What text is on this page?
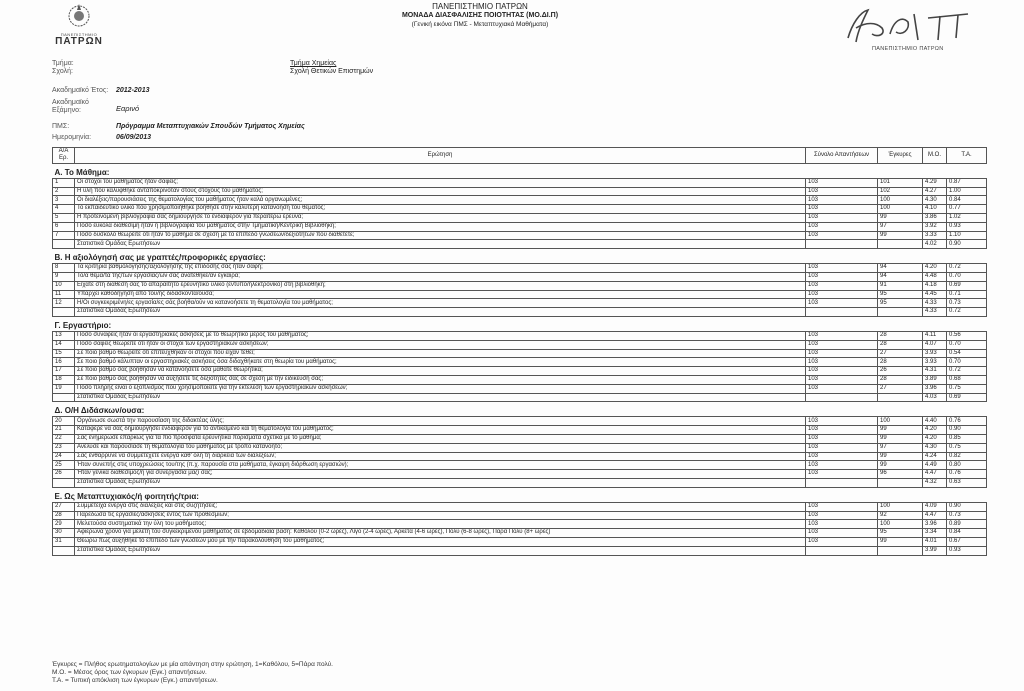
ΠΑΝΕΠΙΣΤΗΜΙΟ
ΠΑΤΡΩΝ
ΠΑΝΕΠΙΣΤΗΜΙΟ ΠΑΤΡΩΝ
ΜΟΝΑΔΑ ΔΙΑΣΦΑΛΙΣΗΣ ΠΟΙΟΤΗΤΑΣ (ΜΟ.ΔΙ.Π)
(Γενική εικόνα ΠΜΣ - Μεταπτυχιακά Μαθήματα)
ΠΑΝΕΠΙΣΤΗΜΙΟ ΠΑΤΡΩΝ
Τμήμα:	Τμήμα Χημείας
Σχολή:	Σχολή Θετικών Επιστημών
Ακαδημαϊκό Έτος: 2012-2013
Ακαδημαϊκό Εξάμηνο:	Εαρινό
ΠΜΣ:	Πρόγραμμα Μεταπτυχιακών Σπουδών Τμήματος Χημείας
Ημερομηνία:	06/09/2013
Α/Α Ερ.	Ερώτηση	Σύνολο Απαντήσεων	Έγκυρες	Μ.Ο.	Τ.Α.
Α. Το Μάθημα:					
1	Οι στόχοι του μαθήματος ήταν σαφείς;	103	101	4.29	0.87
2	Η ύλη που καλύφθηκε ανταποκρινόταν στους στόχους του μαθήματος;	103	102	4.27	1.00
3	Οι διαλέξεις/παρουσιάσεις της θεματολογίας του μαθήματος ήταν καλά οργανωμένες;	103	100	4.30	0.84
4	Το εκπαιδευτικό υλικό που χρησιμοποιήθηκε βοήθησε στην καλύτερη κατανόηση του θέματος;	103	100	4.10	0.77
5	Η προτεινόμενη βιβλιογραφία σας δημιούργησε το ενδιαφέρον για περαιτέρω έρευνα;	103	99	3.86	1.02
6	Πόσο εύκολα διαθέσιμη ήταν η βιβλιογραφία του μαθήματος στην Τμηματική/Κεντρική Βιβλιοθήκη;	103	97	3.92	0.93
7	Πόσο δύσκολο θεωρείτε ότι ήταν το μάθημα σε σχέση με το επίπεδο γνώσεων/δεξιοτήτων που διαθέτετε;	103	99	3.33	1.10
	Στατιστικά Ομάδας Ερωτήσεων			4.02	0.90
Β. Η αξιολόγησή σας με γραπτές/προφορικές εργασίες:					
8	Τα κριτήρια βαθμολόγησης/αξιολόγησης της επίδοσής σας ήταν σαφή;	103	94	4.20	0.72
9	Το/α θέμα/τα της/των εργασίας/ών σας ανατέθηκε/αν έγκαιρα;	103	94	4.48	0.70
10	Είχατε στη διάθεσή σας το απαραίτητο ερευνητικό υλικό (έντυπο/ηλεκτρονικό) στη βιβλιοθήκη;	103	91	4.18	0.69
11	Υπάρχει καθοδήγηση από του/ης διδάσκοντα/ουσα;	103	95	4.45	0.71
12	Η/Οι συγκεκριμένη/ες εργασία/ες σάς βοήθα/ούν να κατανοήσετε τη θεματολογία του μαθήματος;	103	95	4.33	0.73
	Στατιστικά Ομάδας Ερωτήσεων			4.33	0.72
Γ. Εργαστήριο:					
13	Πόσο συναφείς ήταν οι εργαστηριακές ασκήσεις με το θεωρητικό μέρος του μαθήματος;	103	28	4.11	0.56
14	Πόσο σαφείς θεωρείτε ότι ήταν οι στόχοι των εργαστηριακών ασκήσεων;	103	28	4.07	0.70
15	Σε ποιο βαθμό θεωρείτε ότι επιτεύχθηκαν οι στόχοι που είχαν τεθεί;	103	27	3.93	0.54
16	Σε ποιο βαθμό κάλυπταν οι εργαστηριακές ασκήσεις όσα διδαχθήκατε στη θεωρία του μαθήματος;	103	28	3.93	0.70
17	Σε ποιο βαθμό σας βοήθησαν να κατανοήσετε όσα μάθατε θεωρητικά;	103	26	4.31	0.72
18	Σε ποιο βαθμό σας βοήθησαν να αυξήσετε τις δεξιότητές σας σε σχέση με την ειδίκευσή σας;	103	28	3.89	0.68
19	Πόσο πλήρης είναι ο εξοπλισμός που χρησιμοποιείτε για την εκτέλεση των εργαστηριακών ασκήσεων;	103	27	3.96	0.75
	Στατιστικά Ομάδας Ερωτήσεων			4.03	0.69
Δ. Ο/Η Διδάσκων/ουσα:					
20	Οργάνωσε σωστά την παρουσίαση της διδακτέας ύλης;	103	100	4.40	0.76
21	Κατάφερε να σας δημιουργήσει ενδιαφέρον για το αντικείμενο και τη θεματολογία του μαθήματος;	103	99	4.20	0.90
22	Σας ενημέρωσε επαρκώς για τα πιο πρόσφατα ερευνητικά πορίσματα σχετικά με το μάθημα;	103	99	4.20	0.85
23	Ανέλυσε και παρουσίασε τη θεματολογία του μαθήματος με τρόπο κατανοητό;	103	97	4.30	0.75
24	Σας ενθάρρυνε να συμμετέχετε ενεργά καθ' όλη τη διάρκεια των διαλέξεων;	103	99	4.24	0.82
25	Ήταν συνεπής στις υποχρεώσεις του/της (π.χ. παρουσία στα μαθήματα, έγκαιρη διόρθωση εργασιών);	103	99	4.49	0.80
26	Ήταν γενικά διαθέσιμος/η για συνεργασία μαζί σας;	103	96	4.47	0.76
	Στατιστικά Ομάδας Ερωτήσεων			4.32	0.63
Ε. Ως Μεταπτυχιακός/ή φοιτητής/τρια:					
27	Συμμετείχα ενεργά στις διαλέξεις και στις συζητήσεις;	103	100	4.09	0.90
28	Παρέδωσα τις εργασίες/ασκήσεις εντός των προθεσμιών;	103	92	4.47	0.73
29	Μελετούσα συστηματικά την ύλη του μαθήματος;	103	100	3.96	0.89
30	Αφιέρωνα χρόνο για μελέτη του συγκεκριμένου μαθήματος σε εβδομαδιαία βάση: Καθόλου (0-2 ώρες), Λίγο (2-4 ώρες), Αρκετά (4-6 ώρες), Πολύ (6-8 ώρες), Πάρα Πολύ (8+ ώρες)	103	95	3.34	0.84
31	Θεωρώ πως αυξήθηκε το επίπεδο των γνώσεών μου με την παρακολούθηση του μαθήματος;	103	99	4.01	0.67
	Στατιστικά Ομάδας Ερωτήσεων			3.99	0.93
Έγκυρες = Πλήθος ερωτηματολογίων με μία απάντηση στην ερώτηση, 1=Καθόλου, 5=Πάρα πολύ.
Μ.Ο. = Μέσος όρος των έγκυρων (Εγκ.) απαντήσεων.
Τ.Α. = Τυπική απόκλιση των έγκυρων (Εγκ.) απαντήσεων.
